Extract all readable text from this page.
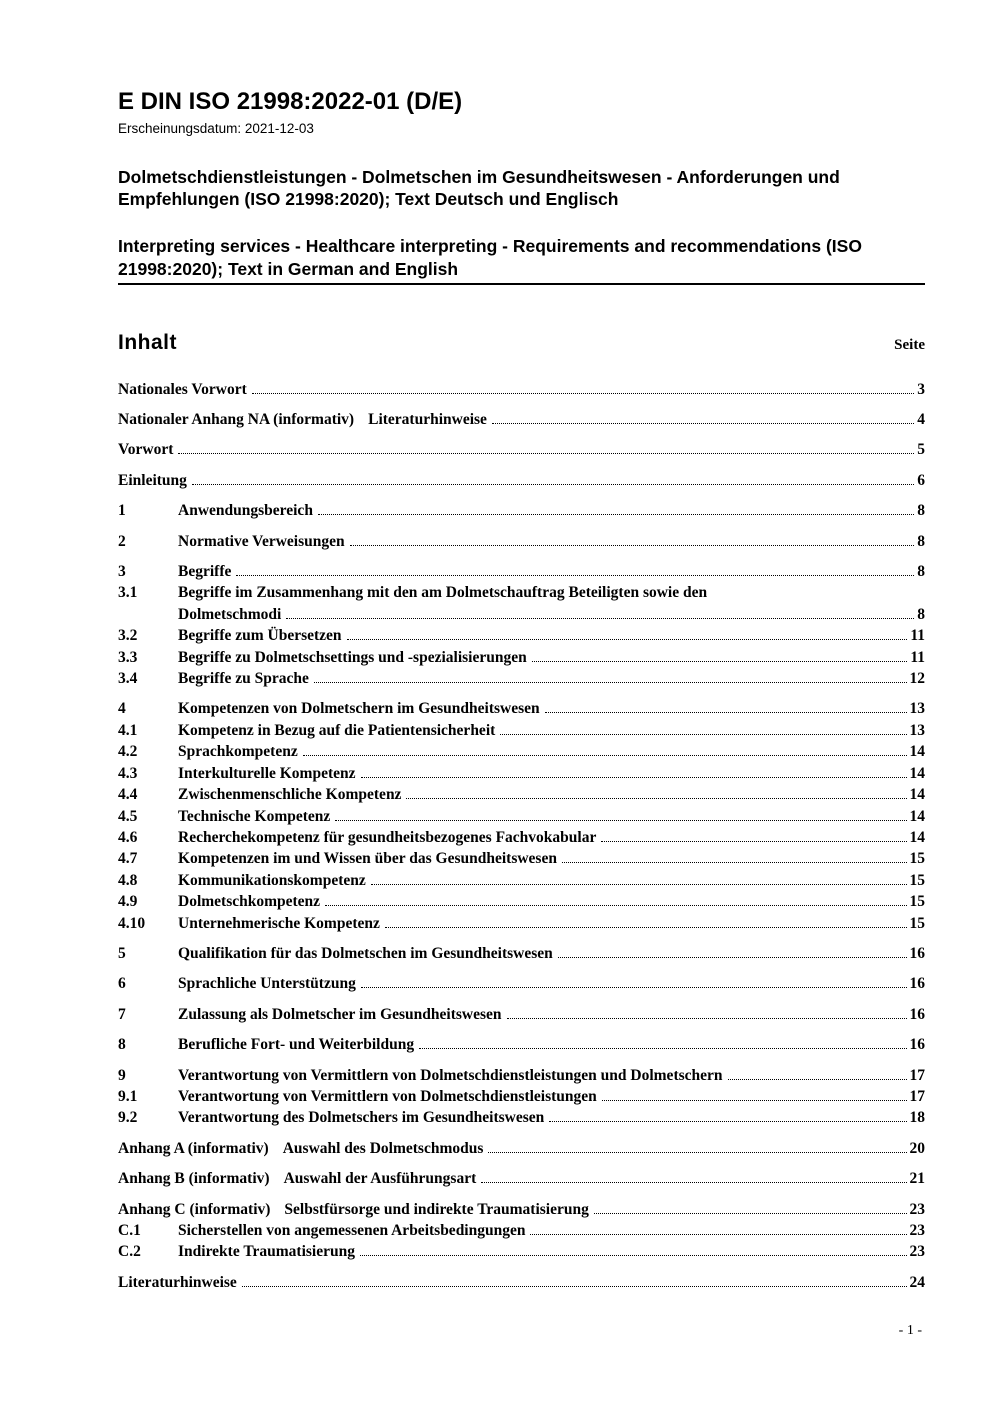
E DIN ISO 21998:2022-01 (D/E)
Erscheinungsdatum: 2021-12-03
Dolmetschdienstleistungen - Dolmetschen im Gesundheitswesen - Anforderungen und Empfehlungen (ISO 21998:2020); Text Deutsch und Englisch
Interpreting services - Healthcare interpreting - Requirements and recommendations (ISO 21998:2020); Text in German and English
Inhalt	Seite
Nationales Vorwort	3
Nationaler Anhang NA (informativ) Literaturhinweise	4
Vorwort	5
Einleitung	6
1	Anwendungsbereich	8
2	Normative Verweisungen	8
3	Begriffe	8
3.1	Begriffe im Zusammenhang mit den am Dolmetschauftrag Beteiligten sowie den
Dolmetschmodi	8
3.2	Begriffe zum Übersetzen	11
3.3	Begriffe zu Dolmetschsettings und -spezialisierungen	11
3.4	Begriffe zu Sprache	12
4	Kompetenzen von Dolmetschern im Gesundheitswesen	13
4.1	Kompetenz in Bezug auf die Patientensicherheit	13
4.2	Sprachkompetenz	14
4.3	Interkulturelle Kompetenz	14
4.4	Zwischenmenschliche Kompetenz	14
4.5	Technische Kompetenz	14
4.6	Recherchekompetenz für gesundheitsbezogenes Fachvokabular	14
4.7	Kompetenzen im und Wissen über das Gesundheitswesen	15
4.8	Kommunikationskompetenz	15
4.9	Dolmetschkompetenz	15
4.10	Unternehmerische Kompetenz	15
5	Qualifikation für das Dolmetschen im Gesundheitswesen	16
6	Sprachliche Unterstützung	16
7	Zulassung als Dolmetscher im Gesundheitswesen	16
8	Berufliche Fort- und Weiterbildung	16
9	Verantwortung von Vermittlern von Dolmetschdienstleistungen und Dolmetschern	17
9.1	Verantwortung von Vermittlern von Dolmetschdienstleistungen	17
9.2	Verantwortung des Dolmetschers im Gesundheitswesen	18
Anhang A (informativ) Auswahl des Dolmetschmodus	20
Anhang B (informativ) Auswahl der Ausführungsart	21
Anhang C (informativ) Selbstfürsorge und indirekte Traumatisierung	23
C.1	Sicherstellen von angemessenen Arbeitsbedingungen	23
C.2	Indirekte Traumatisierung	23
Literaturhinweise	24
- 1 -
